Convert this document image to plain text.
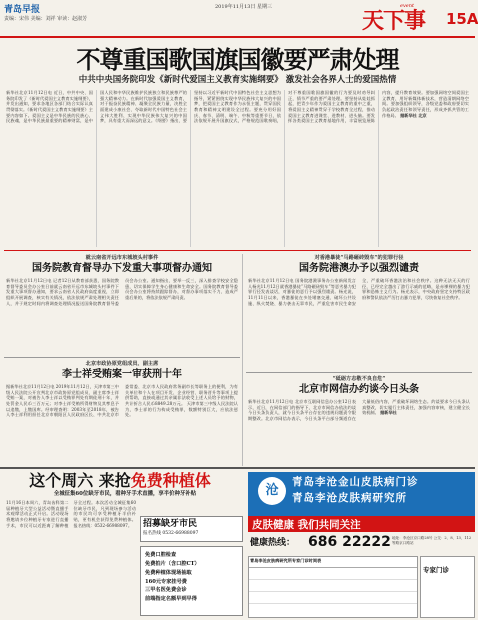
青岛早报
责编：宋伟 美编：刘祥 审读：赵淑芳
2019年11月13日 星期三	event
天下事 15A
不尊重国歌国旗国徽要严肃处理
中共中央国务院印发《新时代爱国主义教育实施纲要》 激发社会各界人士的爱国热情
新华社北京11月12日电 近日，中共中央、国务院印发了《新时代爱国主义教育实施纲要》，并发出通知，要求各地区各部门结合实际认真贯彻落实。《新时代爱国主义教育实施纲要》主要内容如下。爱国主义是中华民族的民族心、民族魂，是中华民族最重要的精神财富，是中国人民和中华民族维护民族独立和民族尊严的强大精神动力。在新时代加强爱国主义教育，对于振奋民族精神、凝聚全民族力量，决胜全面建成小康社会、夺取新时代中国特色社会主义伟大胜利、实现中华民族伟大复兴的中国梦，具有重大而深远的意义。《纲要》指出，要坚持以习近平新时代中国特色社会主义思想为指导，紧紧围绕实现中华民族伟大复兴的中国梦，把爱国主义教育作为永恒主题，贯穿国民教育和精神文明建设全过程。要充分用好国庆、春节、清明、端午、中秋等重要节日，依法依规开展升国旗仪式，严格规范国歌奏唱，对不尊重国歌国旗国徽的行为要及时劝导纠正，情节严重的要严肃处理。要坚持从娃娃抓起，把青少年作为爱国主义教育的重中之重，将爱国主义精神贯穿于学校教育全过程，推动爱国主义教育进课堂、进教材、进头脑。要发挥各类爱国主义教育基地作用，丰富展览展陈内容，提升教育效果。要加强网络空间爱国主义教育，用好新媒体新技术，营造清朗网络空间。要加强组织领导，各级党委和政府要切实负起政治责任和领导责任，形成齐抓共管的工作格局。 据新华社 北京
就云南省开远市东城坡头村事件
国务院教育督导办下发重大事项督办通知
新华社北京11月12日电 记者12日从教育部获悉，国务院教育督导委员会办公室日前就云南省开远市东城坡头村事件下发重大事项督办通知，要求云南省人民政府高度重视，立即组织开展调查，核实有关情况，依法依规严肃处理相关责任人，并于规定时间内将调查处理情况报送国务院教育督导委员会办公室。通知指出，要举一反三，深入排查学校安全隐患，切实保障学生身心健康和生命安全。国务院教育督导委员会办公室将持续跟踪督办，对督办事项落实不力、造成严重后果的，将依法依规严肃问责。
北京市政协原党组成员、副主席
李士祥受贿案一审获刑十年
据新华社北京11月12日电 2019年11月12日，天津市第三中级人民法院公开宣判北京市政协原党组成员、副主席李士祥受贿一案，对被告人李士祥以受贿罪判处有期徒刑十年，并处罚金人民币三百万元；对李士祥受贿所得财物及其孳息予以追缴，上缴国库。经审理查明：2003年至2018年，被告人李士祥利用担任北京市朝阳区人民政府区长、中共北京市委常委、北京市人民政府常务副市长等职务上的便利，为有关单位和个人在项目开发、企业经营、职务晋升等事项上提供帮助，直接或通过其亲属非法收受上述人员给予的财物，共计折合人民币8849.28万元。 天津市第三中级人民法院认为，李士祥的行为构成受贿罪，数额特别巨大，应依法惩处。
对香港暴徒“马路砸砖毁车”的犯罪行径
国务院港澳办予以强烈谴责
新华社北京11月12日电 国务院港澳事务办公室新闻发言人杨光11月12日就香港暴徒“马路砸砖毁车”等恶劣暴力犯罪行径发表谈话，对暴徒的恶行予以强烈谴责。杨光说，11月11日以来，香港暴徒在多处堵塞交通、破坏公共设施、纵火焚烧、暴力袭击无辜市民，严重危害市民生命安全，严重破坏香港法治和社会秩序。这种无法无天的行径，已经完全越出了游行示威的范畴，是赤裸裸的暴力犯罪和恐怖主义行为。杨光表示，中央政府坚定支持特区政府和警队依法严厉打击暴力犯罪，尽快恢复社会秩序。
“砥砺方志敬不良自危”
北京市网信办约谈今日头条
新华社北京11月12日电 北京市互联网信息办公室12日表示，近日，在网信部门的指导下，北京市网信办依法约谈今日头条负责人，就今日头条平台存在的违规问题责令限期整改。北京市网信办表示，今日头条平台部分频道存在大量低俗内容，严重破坏网络生态。约谈要求今日头条认真整改，切实履行主体责任，加强内容审核，建立健全长效机制。 据新华社
这个周六 来抢免费种植体
全城征集60位缺牙市民，看种牙手术直播，享半价种牙补贴
11月16日本周六，青岛齿科第二届种植牙大型公益活动暨直播手术观摩活动正式开启。活动现场将邀请多位种植牙专家进行直播手术，市民可以近距离了解种植牙全过程。本次活动全城征集60位缺牙市民，凡到现场参与活动的市民均可享受种植牙半价补贴，更有机会获得免费种植体。报名热线：0532-66988097。	招募缺牙市民
报名热线 0532-66988097
免费口腔检查
免费拍片（含口腔CT）
免费种植体现场抽取
160元专家挂号费
三甲名医免费会诊
前端指定名额早到早得
沧
青岛李沧金山皮肤病门诊
青岛李沧皮肤病研究所
皮肤健康 我们共同关注
健康热线： 686 22222 地址：李沧区京口路28号 公交：2、8、13、112等路京口路站
青岛李沧皮肤病研究所专家门诊时间表
专家门诊
